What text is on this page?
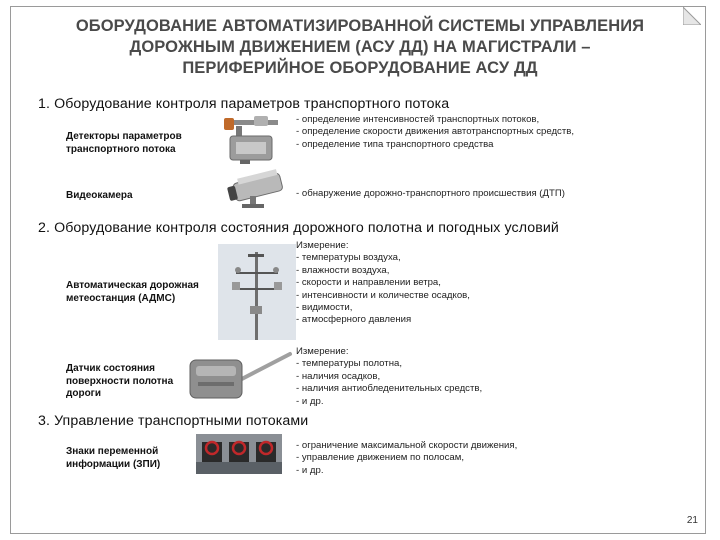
ОБОРУДОВАНИЕ АВТОМАТИЗИРОВАННОЙ СИСТЕМЫ УПРАВЛЕНИЯ
ДОРОЖНЫМ ДВИЖЕНИЕМ (АСУ ДД) НА МАГИСТРАЛИ –
ПЕРИФЕРИЙНОЕ ОБОРУДОВАНИЕ АСУ ДД
1. Оборудование контроля параметров транспортного потока
Детекторы параметров
транспортного потока
- определение интенсивностей транспортных потоков,
- определение скорости движения автотранспортных средств,
- определение типа транспортного средства
Видеокамера	- обнаружение дорожно-транспортного происшествия (ДТП)
2. Оборудование контроля состояния дорожного полотна и погодных условий
Автоматическая дорожная
метеостанция (АДМС)
Измерение:
- температуры воздуха,
- влажности воздуха,
- скорости и направлении ветра,
- интенсивности и количестве осадков,
- видимости,
- атмосферного давления
Датчик состояния
поверхности полотна
дороги
Измерение:
- температуры полотна,
- наличия осадков,
- наличия антиобледенительных средств,
- и др.
3. Управление транспортными потоками
Знаки переменной
информации (ЗПИ)
- ограничение максимальной скорости движения,
- управление движением по полосам,
- и др.
21
